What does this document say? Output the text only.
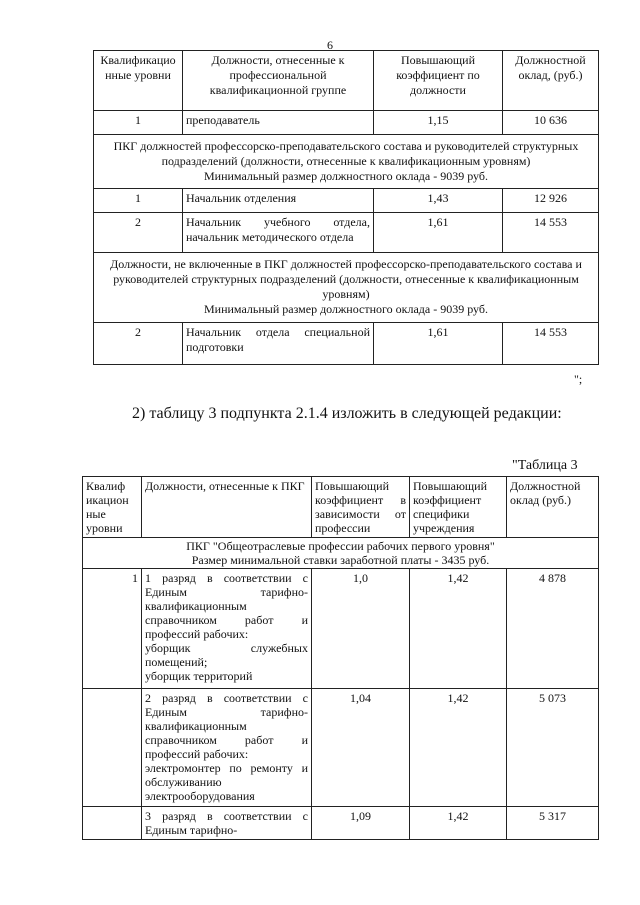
6
Квалификацио нные уровни	Должности, отнесенные к профессиональной квалификационной группе	Повышающий коэффициент по должности	Должностной оклад, (руб.)
1	преподаватель	1,15	10 636

ПКГ должностей профессорско-преподавательского состава и руководителей структурных подразделений (должности, отнесенные к квалификационным уровням)
Минимальный размер должностного оклада - 9039 руб.			

1	Начальник отделения	1,43	12 926
2	Начальник учебного отдела, начальник методического отдела	1,61	14 553

Должности, не включенные в ПКГ должностей профессорско-преподавательского состава и руководителей структурных подразделений (должности, отнесенные к квалификационным уровням)
Минимальный размер должностного оклада - 9039 руб.			

2	Начальник отдела специальной подготовки	1,61	14 553
";
2) таблицу 3 подпункта 2.1.4 изложить в следующей редакции:
"Таблица 3
Квалиф икацион ные уровни	Должности, отнесенные к ПКГ	Повышающий коэффициент в зависимости от профессии	Повышающий коэффициент специфики учреждения	Должностной оклад (руб.)

ПКГ "Общеотраслевые профессии рабочих первого уровня"
Размер минимальной ставки заработной платы - 3435 руб.				

1	1 разряд в соответствии с Единым тарифно-квалификационным справочником работ и профессий рабочих:
уборщик служебных помещений;
уборщик территорий	1,0	1,42	4 878

	2 разряд в соответствии с Единым тарифно-квалификационным справочником работ и профессий рабочих:
электромонтер по ремонту и обслуживанию электрооборудования	1,04	1,42	5 073
	3 разряд в соответствии с Единым тарифно-	1,09	1,42	5 317
